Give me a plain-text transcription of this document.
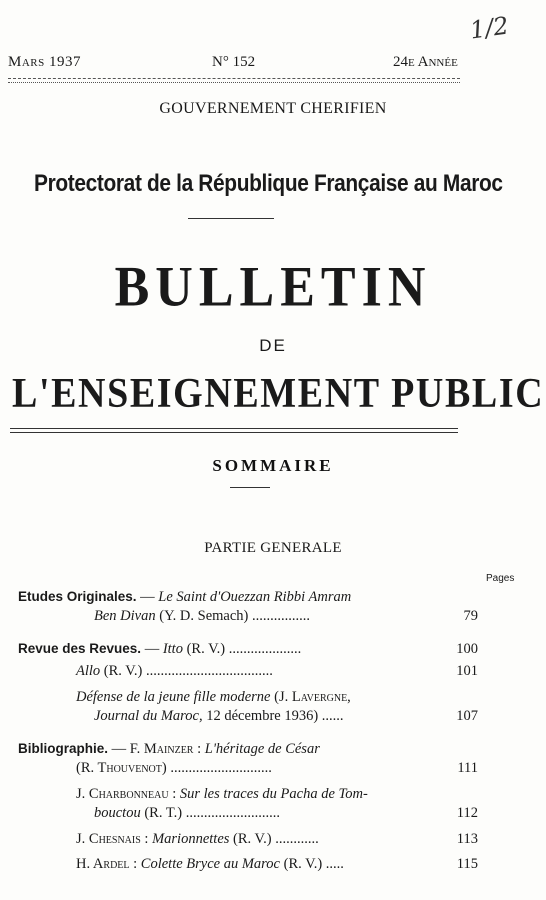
1/2
Mars 1937	N° 152	24e Année
GOUVERNEMENT CHERIFIEN
Protectorat de la République Française au Maroc
BULLETIN
DE
L'ENSEIGNEMENT PUBLIC
SOMMAIRE
PARTIE GENERALE
Pages
Etudes Originales. — Le Saint d'Ouezzan Ribbi Amram
Ben Divan (Y. D. Semach) ................	79
Revue des Revues. — Itto (R. V.) ....................	100
Allo (R. V.) ...................................	101
Défense de la jeune fille moderne (J. Lavergne,
Journal du Maroc, 12 décembre 1936) ......	107
Bibliographie. — F. Mainzer : L'héritage de César
(R. Thouvenot) ............................	111
J. Charbonneau : Sur les traces du Pacha de Tom-
bouctou (R. T.) ..........................	112
J. Chesnais : Marionnettes (R. V.) ............	113
H. Ardel : Colette Bryce au Maroc (R. V.) .....	115
